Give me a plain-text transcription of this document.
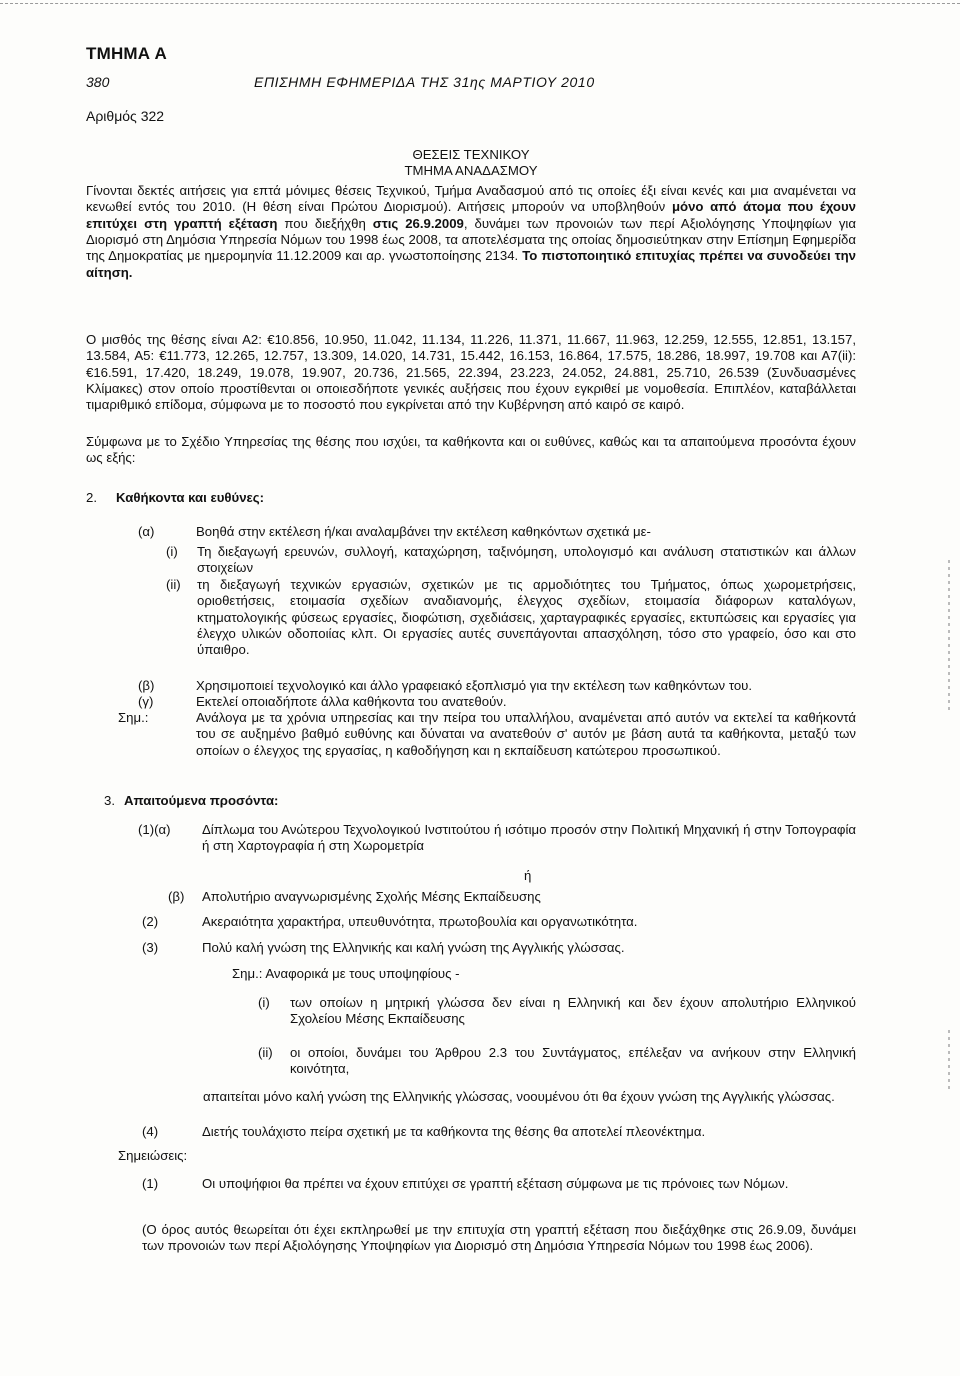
ΤΜΗΜΑ Α
380	ΕΠΙΣΗΜΗ ΕΦΗΜΕΡΙΔΑ ΤΗΣ 31ης ΜΑΡΤΙΟΥ 2010
Αριθμός 322
ΘΕΣΕΙΣ ΤΕΧΝΙΚΟΥ
ΤΜΗΜΑ ΑΝΑΔΑΣΜΟΥ
Γίνονται δεκτές αιτήσεις για επτά μόνιμες θέσεις Τεχνικού, Τμήμα Αναδασμού από τις οποίες έξι είναι κενές και μια αναμένεται να κενωθεί εντός του 2010. (Η θέση είναι Πρώτου Διορισμού). Αιτήσεις μπορούν να υποβληθούν μόνο από άτομα που έχουν επιτύχει στη γραπτή εξέταση που διεξήχθη στις 26.9.2009, δυνάμει των προνοιών των περί Αξιολόγησης Υποψηφίων για Διορισμό στη Δημόσια Υπηρεσία Νόμων του 1998 έως 2008, τα αποτελέσματα της οποίας δημοσιεύτηκαν στην Επίσημη Εφημερίδα της Δημοκρατίας με ημερομηνία 11.12.2009 και αρ. γνωστοποίησης 2134. Το πιστοποιητικό επιτυχίας πρέπει να συνοδεύει την αίτηση.
Ο μισθός της θέσης είναι Α2: €10.856, 10.950, 11.042, 11.134, 11.226, 11.371, 11.667, 11.963, 12.259, 12.555, 12.851, 13.157, 13.584, Α5: €11.773, 12.265, 12.757, 13.309, 14.020, 14.731, 15.442, 16.153, 16.864, 17.575, 18.286, 18.997, 19.708 και Α7(ii): €16.591, 17.420, 18.249, 19.078, 19.907, 20.736, 21.565, 22.394, 23.223, 24.052, 24.881, 25.710, 26.539 (Συνδυασμένες Κλίμακες) στον οποίο προστίθενται οι οποιεσδήποτε γενικές αυξήσεις που έχουν εγκριθεί με νομοθεσία. Επιπλέον, καταβάλλεται τιμαριθμικό επίδομα, σύμφωνα με το ποσοστό που εγκρίνεται από την Κυβέρνηση από καιρό σε καιρό.
Σύμφωνα με το Σχέδιο Υπηρεσίας της θέσης που ισχύει, τα καθήκοντα και οι ευθύνες, καθώς και τα απαιτούμενα προσόντα έχουν ως εξής:
2.	Καθήκοντα και ευθύνες:
(α)	Βοηθά στην εκτέλεση ή/και αναλαμβάνει την εκτέλεση καθηκόντων σχετικά με-
(i)	Τη διεξαγωγή ερευνών, συλλογή, καταχώρηση, ταξινόμηση, υπολογισμό και ανάλυση στατιστικών και άλλων στοιχείων
(ii)	τη διεξαγωγή τεχνικών εργασιών, σχετικών με τις αρμοδιότητες του Τμήματος, όπως χωρομετρήσεις, οριοθετήσεις, ετοιμασία σχεδίων αναδιανομής, έλεγχος σχεδίων, ετοιμασία διάφορων καταλόγων, κτηματολογικής φύσεως εργασίες, διοφώτιση, σχεδιάσεις, χαρταγραφικές εργασίες, εκτυπώσεις και εργασίες για έλεγχο υλικών οδοποιίας κλπ. Οι εργασίες αυτές συνεπάγονται απασχόληση, τόσο στο γραφείο, όσο και στο ύπαιθρο.
(β)	Χρησιμοποιεί τεχνολογικό και άλλο γραφειακό εξοπλισμό για την εκτέλεση των καθηκόντων του.
(γ)	Εκτελεί οποιαδήποτε άλλα καθήκοντα του ανατεθούν.
Σημ.:	Ανάλογα με τα χρόνια υπηρεσίας και την πείρα του υπαλλήλου, αναμένεται από αυτόν να εκτελεί τα καθήκοντά του σε αυξημένο βαθμό ευθύνης και δύναται να ανατεθούν σ' αυτόν με βάση αυτά τα καθήκοντα, μεταξύ των οποίων ο έλεγχος της εργασίας, η καθοδήγηση και η εκπαίδευση κατώτερου προσωπικού.
3. Απαιτούμενα προσόντα:
(1)(α)	Δίπλωμα του Ανώτερου Τεχνολογικού Ινστιτούτου ή ισότιμο προσόν στην Πολιτική Μηχανική ή στην Τοπογραφία ή στη Χαρτογραφία ή στη Χωρομετρία
ή
(β)	Απολυτήριο αναγνωρισμένης Σχολής Μέσης Εκπαίδευσης
(2)	Ακεραιότητα χαρακτήρα, υπευθυνότητα, πρωτοβουλία και οργανωτικότητα.
(3)	Πολύ καλή γνώση της Ελληνικής και καλή γνώση της Αγγλικής γλώσσας.
Σημ.: Αναφορικά με τους υποψηφίους -
(i)	των οποίων η μητρική γλώσσα δεν είναι η Ελληνική και δεν έχουν απολυτήριο Ελληνικού Σχολείου Μέσης Εκπαίδευσης
(ii)	οι οποίοι, δυνάμει του Άρθρου 2.3 του Συντάγματος, επέλεξαν να ανήκουν στην Ελληνική κοινότητα,
απαιτείται μόνο καλή γνώση της Ελληνικής γλώσσας, νοουμένου ότι θα έχουν γνώση της Αγγλικής γλώσσας.
(4)	Διετής τουλάχιστο πείρα σχετική με τα καθήκοντα της θέσης θα αποτελεί πλεονέκτημα.
Σημειώσεις:
(1)	Οι υποψήφιοι θα πρέπει να έχουν επιτύχει σε γραπτή εξέταση σύμφωνα με τις πρόνοιες των Νόμων.
(Ο όρος αυτός θεωρείται ότι έχει εκπληρωθεί με την επιτυχία στη γραπτή εξέταση που διεξάχθηκε στις 26.9.09, δυνάμει των προνοιών των περί Αξιολόγησης Υποψηφίων για Διορισμό στη Δημόσια Υπηρεσία Νόμων του 1998 έως 2006).
